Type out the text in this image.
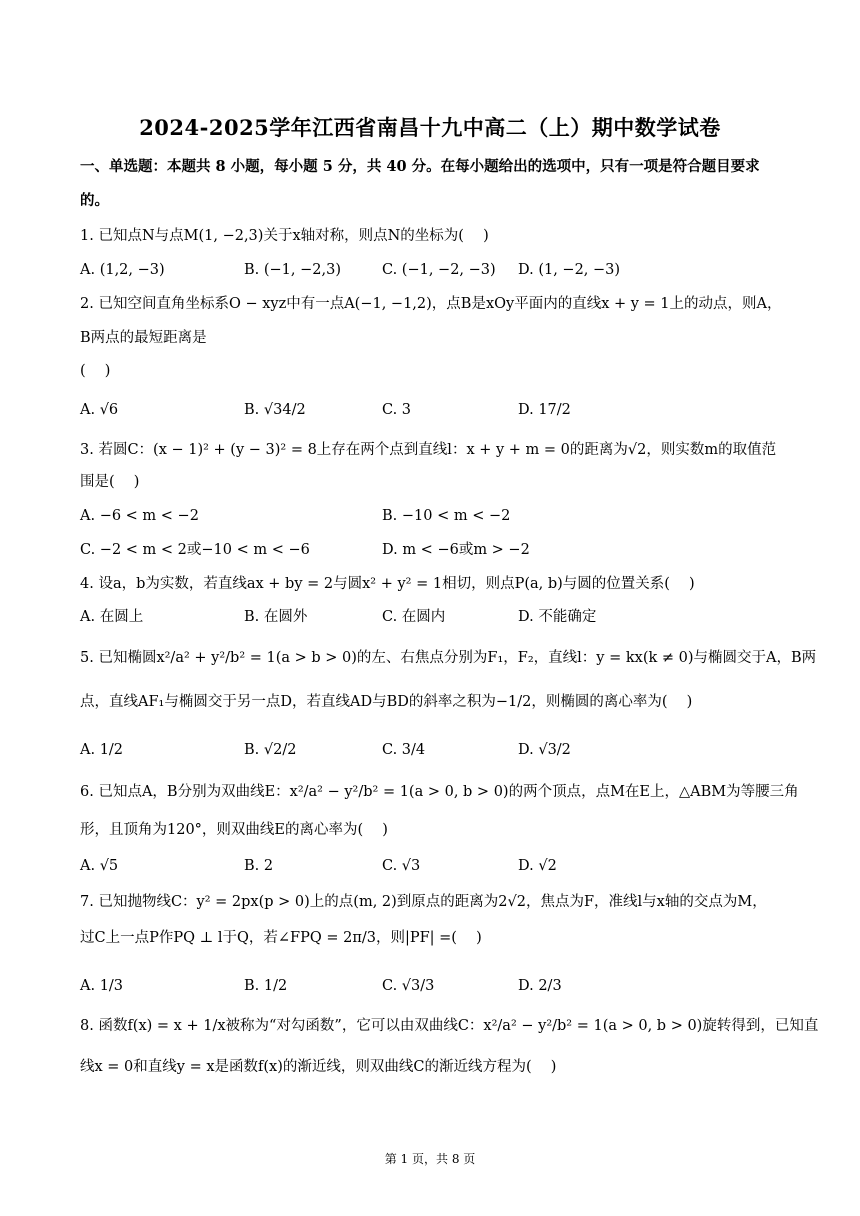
2024-2025学年江西省南昌十九中高二（上）期中数学试卷
一、单选题：本题共 8 小题，每小题 5 分，共 40 分。在每小题给出的选项中，只有一项是符合题目要求
的。
1. 已知点N与点M(1, −2,3)关于x轴对称，则点N的坐标为(　 )
A. (1,2, −3)	B. (−1, −2,3)	C. (−1, −2, −3) D. (1, −2, −3)
2. 已知空间直角坐标系O − xyz中有一点A(−1, −1,2)，点B是xOy平面内的直线x + y = 1上的动点，则A，
B两点的最短距离是
(　 )
A. √6	B. √34/2	C. 3	D. 17/2
3. 若圆C：(x − 1)² + (y − 3)² = 8上存在两个点到直线l：x + y + m = 0的距离为√2，则实数m的取值范
围是(　 )
A. −6 < m < −2	B. −10 < m < −2
C. −2 < m < 2或−10 < m < −6	D. m < −6或m > −2
4. 设a，b为实数，若直线ax + by = 2与圆x² + y² = 1相切，则点P(a, b)与圆的位置关系(　 )
A. 在圆上	B. 在圆外	C. 在圆内	D. 不能确定
5. 已知椭圆x²/a² + y²/b² = 1(a > b > 0)的左、右焦点分别为F₁，F₂，直线l：y = kx(k ≠ 0)与椭圆交于A，B两
点，直线AF₁与椭圆交于另一点D，若直线AD与BD的斜率之积为−1/2，则椭圆的离心率为(　 )
A. 1/2	B. √2/2	C. 3/4	D. √3/2
6. 已知点A，B分别为双曲线E：x²/a² − y²/b² = 1(a > 0, b > 0)的两个顶点，点M在E上，△ABM为等腰三角
形，且顶角为120°，则双曲线E的离心率为(　 )
A. √5	B. 2	C. √3	D. √2
7. 已知抛物线C：y² = 2px(p > 0)上的点(m, 2)到原点的距离为2√2，焦点为F，准线l与x轴的交点为M，
过C上一点P作PQ ⊥ l于Q，若∠FPQ = 2π/3，则|PF| =(　 )
A. 1/3	B. 1/2	C. √3/3	D. 2/3
8. 函数f(x) = x + 1/x被称为“对勾函数”，它可以由双曲线C：x²/a² − y²/b² = 1(a > 0, b > 0)旋转得到，已知直
线x = 0和直线y = x是函数f(x)的渐近线，则双曲线C的渐近线方程为(　 )
第 1 页，共 8 页
